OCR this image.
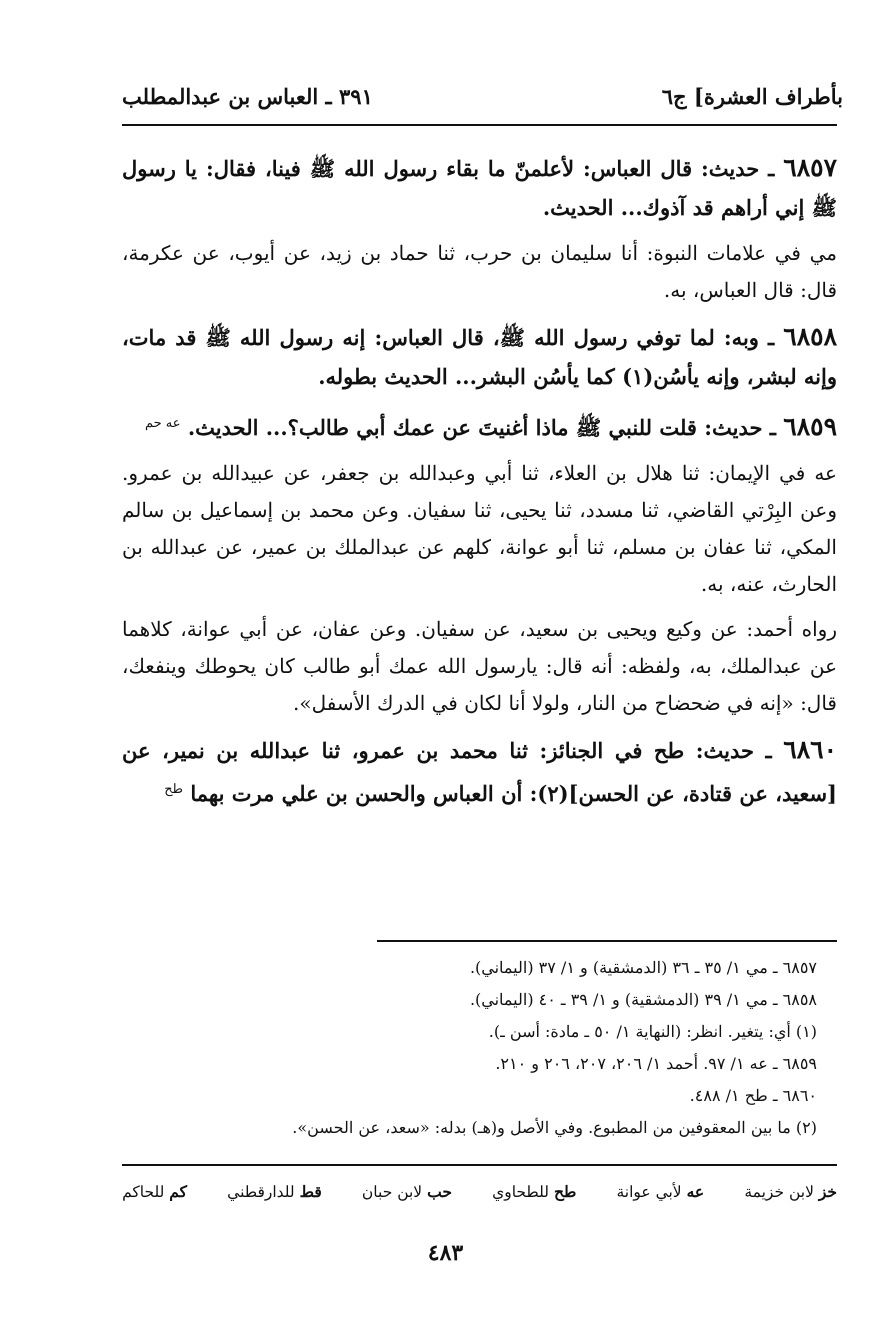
بأطراف العشرة] ج٦
٣٩١ ـ العباس بن عبدالمطلب

٦٨٥٧ ـ حديث: قال العباس: لأعلمنّ ما بقاء رسول الله ﷺ فينا، فقال: يا رسول ﷺ إني أراهم قد آذوك... الحديث.

مي في علامات النبوة: أنا سليمان بن حرب، ثنا حماد بن زيد، عن أيوب، عن عكرمة، قال: قال العباس، به.

٦٨٥٨ ـ وبه: لما توفي رسول الله ﷺ، قال العباس: إنه رسول الله ﷺ قد مات، وإنه لبشر، وإنه يأسُن(١) كما يأسُن البشر... الحديث بطوله.

٦٨٥٩ ـ حديث: قلت للنبي ﷺ ماذا أغنيتَ عن عمك أبي طالب؟... الحديث. $^{عه حم}$

عه في الإيمان: ثنا هلال بن العلاء، ثنا أبي وعبدالله بن جعفر، عن عبيدالله بن عمرو. وعن البِرْتي القاضي، ثنا مسدد، ثنا يحيى، ثنا سفيان. وعن محمد بن إسماعيل بن سالم المكي، ثنا عفان بن مسلم، ثنا أبو عوانة، كلهم عن عبدالملك بن عمير، عن عبدالله بن الحارث، عنه، به.

رواه أحمد: عن وكيع ويحيى بن سعيد، عن سفيان. وعن عفان، عن أبي عوانة، كلاهما عن عبدالملك، به، ولفظه: أنه قال: يارسول الله عمك أبو طالب كان يحوطك وينفعك، قال: «إنه في ضحضاح من النار، ولولا أنا لكان في الدرك الأسفل».

٦٨٦٠ ـ حديث: طح في الجنائز: ثنا محمد بن عمرو، ثنا عبدالله بن نمير، عن [سعيد، عن قتادة، عن الحسن](٢): أن العباس والحسن بن علي مرت بهما $^{طح}$

٦٨٥٧ ـ مي ١/ ٣٥ ـ ٣٦ (الدمشقية) و ١/ ٣٧ (اليماني).
٦٨٥٨ ـ مي ١/ ٣٩ (الدمشقية) و ١/ ٣٩ ـ ٤٠ (اليماني).
(١) أي: يتغير. انظر: (النهاية ١/ ٥٠ ـ مادة: أسن ـ).
٦٨٥٩ ـ عه ١/ ٩٧. أحمد ١/ ٢٠٦، ٢٠٧، ٢٠٦ و ٢١٠.
٦٨٦٠ ـ طح ١/ ٤٨٨.
(٢) ما بين المعقوفين من المطبوع. وفي الأصل و(هـ) بدله: «سعد، عن الحسن».
خز لابن خزيمة
عه لأبي عوانة
طح للطحاوي
حب لابن حبان
قط للدارقطني
كم للحاكم
٤٨٣
